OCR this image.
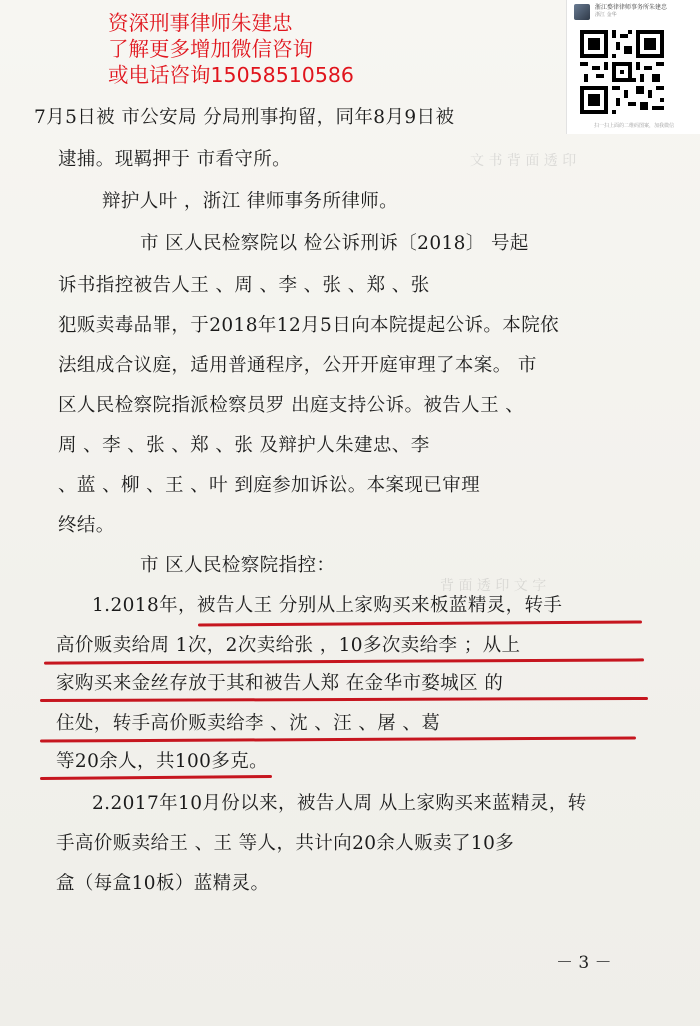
文 书 背 面 透 印
背 面 透 印 文 字
资深刑事律师朱建忠
了解更多增加微信咨询
或电话咨询15058510586
浙江婺律律师事务所朱建忠
浙江 金华
扫一扫上面的二维码图案，加我微信
7月5日被 市公安局 分局刑事拘留，同年8月9日被
逮捕。现羁押于 市看守所。
辩护人叶 ，浙江 律师事务所律师。
市 区人民检察院以 检公诉刑诉〔2018〕 号起
诉书指控被告人王 、周 、李 、张 、郑 、张
犯贩卖毒品罪，于2018年12月5日向本院提起公诉。本院依
法组成合议庭，适用普通程序，公开开庭审理了本案。 市
区人民检察院指派检察员罗 出庭支持公诉。被告人王 、
周 、李 、张 、郑 、张 及辩护人朱建忠、李
、蓝 、柳 、王 、叶 到庭参加诉讼。本案现已审理
终结。
市 区人民检察院指控：
1.2018年，被告人王 分别从上家购买来板蓝精灵，转手
高价贩卖给周 1次，2次卖给张 ，10多次卖给李 ；从上
家购买来金丝存放于其和被告人郑 在金华市婺城区 的
住处，转手高价贩卖给李 、沈 、汪 、屠 、葛
等20余人，共100多克。
2.2017年10月份以来，被告人周 从上家购买来蓝精灵，转
手高价贩卖给王 、王 等人，共计向20余人贩卖了10多
盒（每盒10板）蓝精灵。
－ 3 －
